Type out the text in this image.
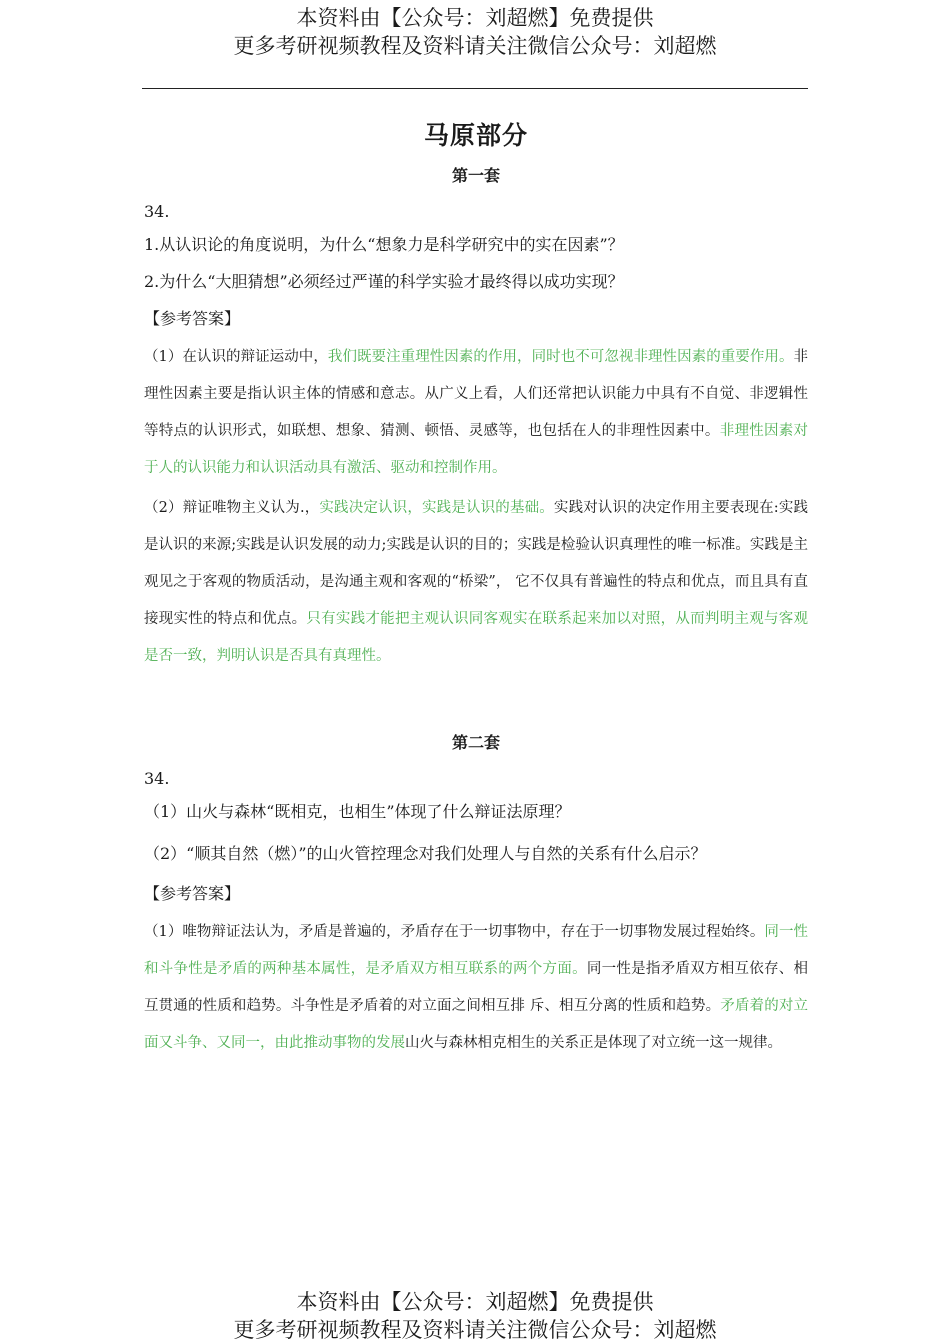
本资料由【公众号：刘超燃】免费提供
更多考研视频教程及资料请关注微信公众号：刘超燃
马原部分
第一套
34.
1.从认识论的角度说明，为什么“想象力是科学研究中的实在因素”？
2.为什么“大胆猜想”必须经过严谨的科学实验才最终得以成功实现？
【参考答案】
（1）在认识的辩证运动中，我们既要注重理性因素的作用，同时也不可忽视非理性因素的重要作用。非理性因素主要是指认识主体的情感和意志。从广义上看，人们还常把认识能力中具有不自觉、非逻辑性等特点的认识形式，如联想、想象、猜测、顿悟、灵感等，也包括在人的非理性因素中。非理性因素对于人的认识能力和认识活动具有激活、驱动和控制作用。
（2）辩证唯物主义认为.，实践决定认识，实践是认识的基础。实践对认识的决定作用主要表现在:实践是认识的来源;实践是认识发展的动力;实践是认识的目的；实践是检验认识真理性的唯一标准。实践是主观见之于客观的物质活动，是沟通主观和客观的“桥梁”， 它不仅具有普遍性的特点和优点，而且具有直接现实性的特点和优点。只有实践才能把主观认识同客观实在联系起来加以对照，从而判明主观与客观是否一致，判明认识是否具有真理性。
第二套
34.
（1）山火与森林“既相克，也相生”体现了什么辩证法原理？
（2）“顺其自然（燃）”的山火管控理念对我们处理人与自然的关系有什么启示？
【参考答案】
（1）唯物辩证法认为，矛盾是普遍的，矛盾存在于一切事物中，存在于一切事物发展过程始终。同一性和斗争性是矛盾的两种基本属性，是矛盾双方相互联系的两个方面。同一性是指矛盾双方相互依存、相互贯通的性质和趋势。斗争性是矛盾着的对立面之间相互排 斥、相互分离的性质和趋势。矛盾着的对立面又斗争、又同一，由此推动事物的发展山火与森林相克相生的关系正是体现了对立统一这一规律。
本资料由【公众号：刘超燃】免费提供
更多考研视频教程及资料请关注微信公众号：刘超燃
